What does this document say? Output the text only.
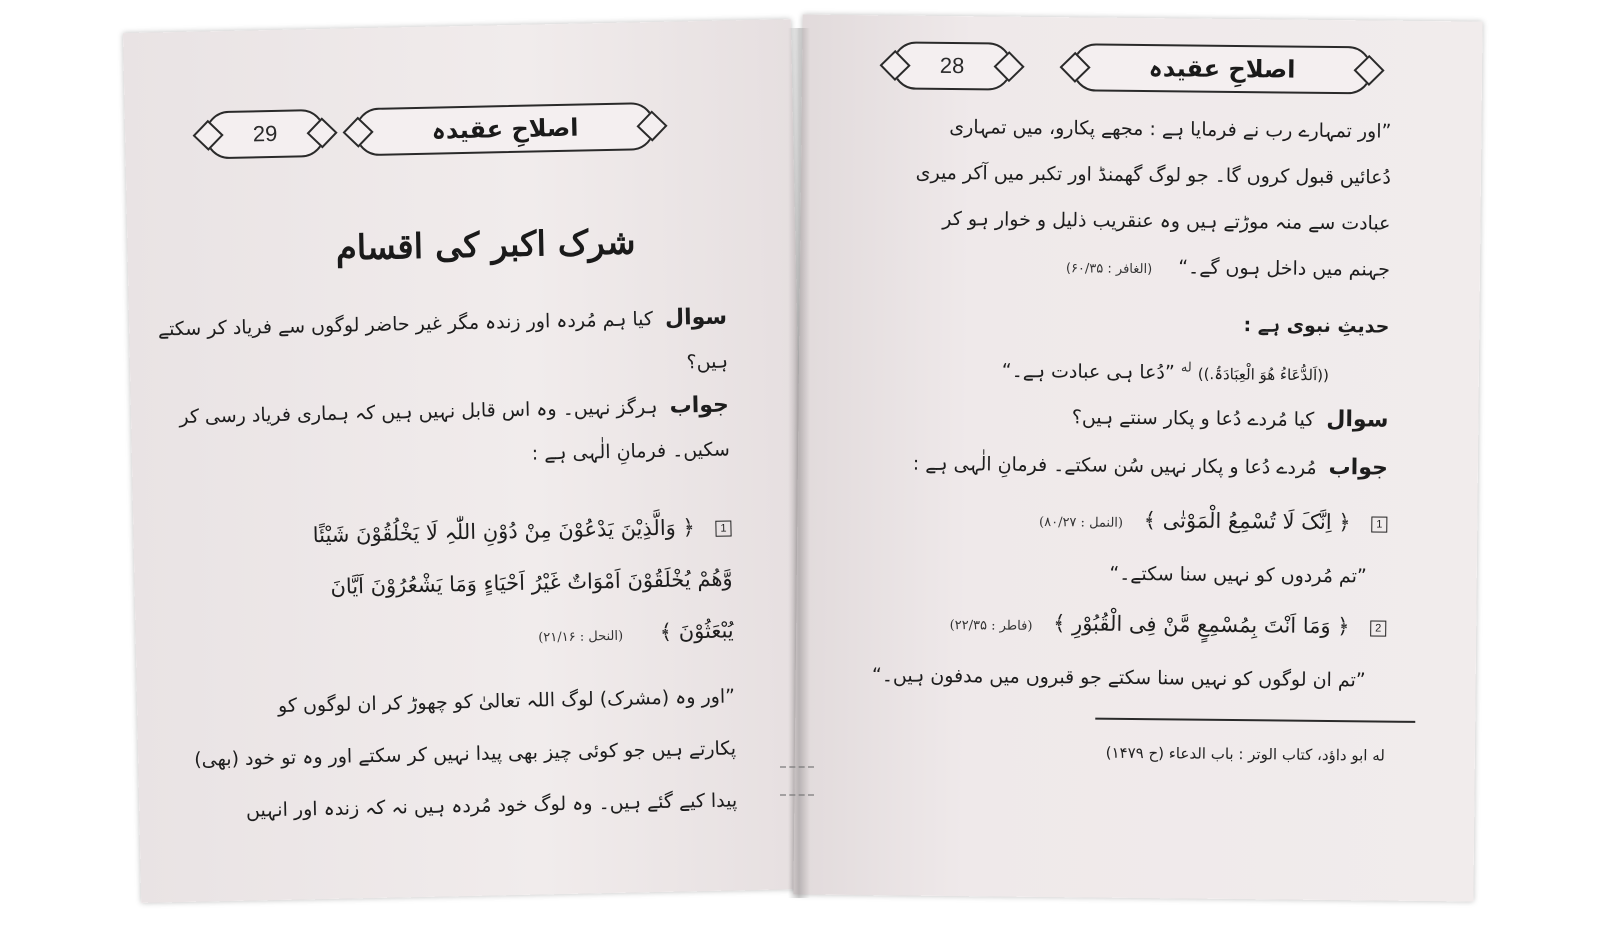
29	اصلاحِ عقیدہ
شرک اکبر کی اقسام
سوال کیا ہم مُردہ اور زندہ مگر غیر حاضر لوگوں سے فریاد کر سکتے
ہیں؟
جواب ہرگز نہیں۔ وہ اس قابل نہیں ہیں کہ ہماری فریاد رسی کر
سکیں۔ فرمانِ الٰہی ہے :
1 ﴿ وَالَّذِیْنَ یَدْعُوْنَ مِنْ دُوْنِ اللّٰہِ لَا یَخْلُقُوْنَ شَیْئًا
وَّھُمْ یُخْلَقُوْنَ اَمْوَاتٌ غَیْرُ اَحْیَاءٍ وَمَا یَشْعُرُوْنَ اَیَّانَ
یُبْعَثُوْنَ ﴾ (النحل : ۲۱/۱۶)
”اور وہ (مشرک) لوگ اللہ تعالیٰ کو چھوڑ کر ان لوگوں کو
پکارتے ہیں جو کوئی چیز بھی پیدا نہیں کر سکتے اور وہ تو خود (بھی)
پیدا کیے گئے ہیں۔ وہ لوگ خود مُردہ ہیں نہ کہ زندہ اور انہیں
28	اصلاحِ عقیدہ
”اور تمہارے رب نے فرمایا ہے : مجھے پکارو، میں تمہاری
دُعائیں قبول کروں گا۔ جو لوگ گھمنڈ اور تکبر میں آکر میری
عبادت سے منہ موڑتے ہیں وہ عنقریب ذلیل و خوار ہو کر
جہنم میں داخل ہوں گے۔“ (الغافر : ۶۰/۳۵)
حدیثِ نبوی ہے :
((اَلدُّعَاءُ ھُوَ الْعِبَادَۃُ.)) $^{له}$ ”دُعا ہی عبادت ہے۔“
سوال کیا مُردے دُعا و پکار سنتے ہیں؟
جواب مُردے دُعا و پکار نہیں سُن سکتے۔ فرمانِ الٰہی ہے :
1 ﴿ اِنَّکَ لَا تُسْمِعُ الْمَوْتٰی ﴾ (النمل : ۸۰/۲۷)
”تم مُردوں کو نہیں سنا سکتے۔“
2 ﴿ وَمَا اَنْتَ بِمُسْمِعٍ مَّنْ فِی الْقُبُوْرِ ﴾ (فاطر : ۲۲/۳۵)
”تم ان لوگوں کو نہیں سنا سکتے جو قبروں میں مدفون ہیں۔“
له ابو داؤد، کتاب الوتر : باب الدعاء (ح ۱۴۷۹)
